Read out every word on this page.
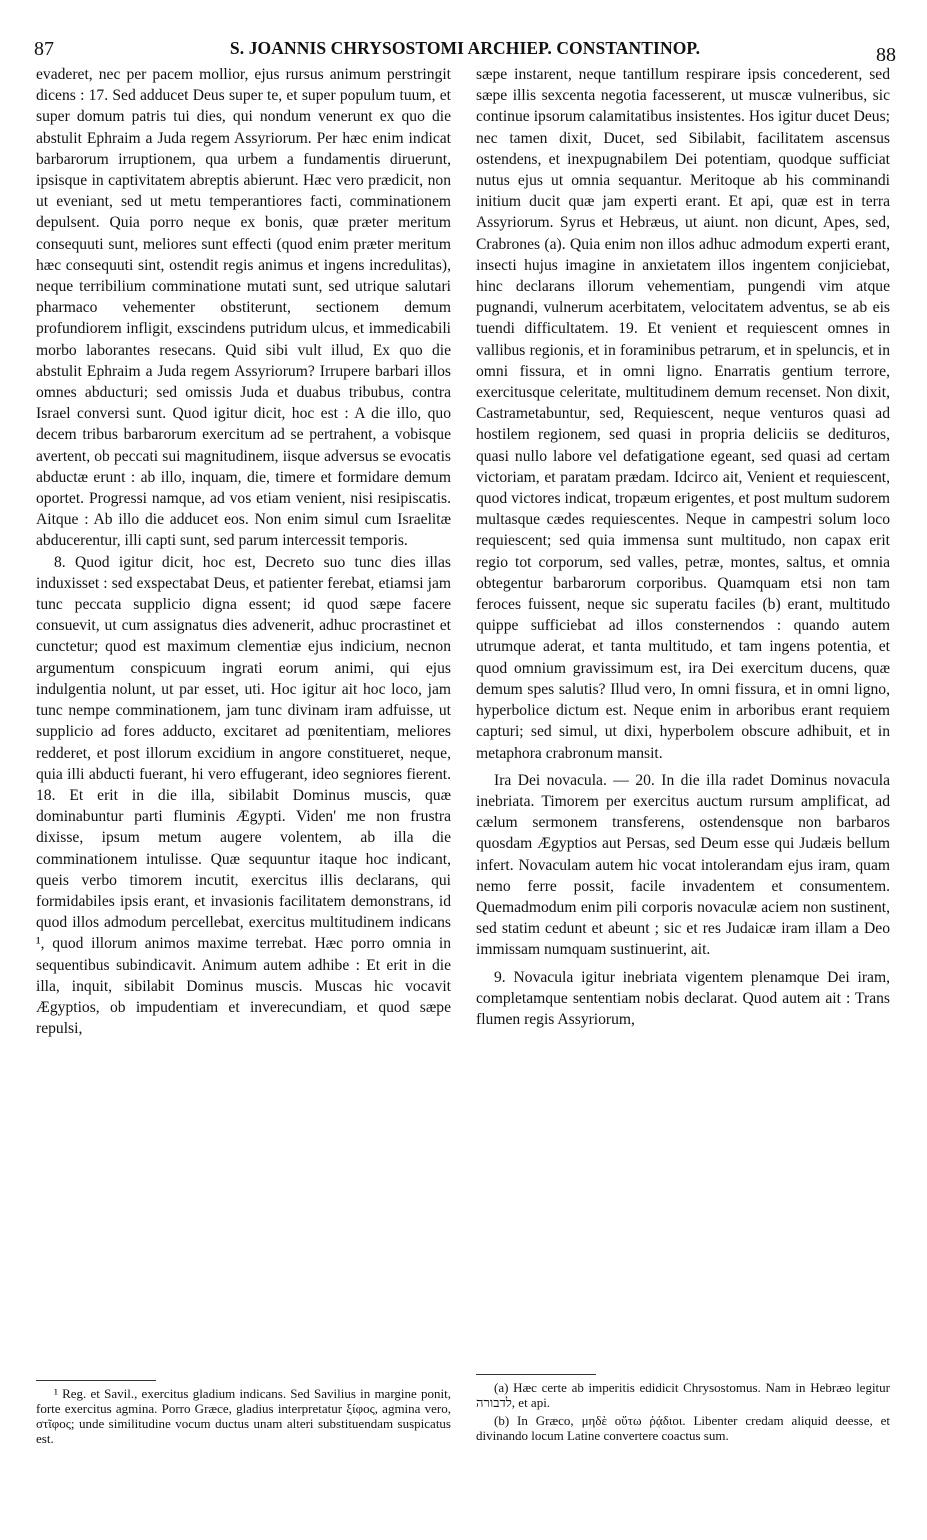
87	S. JOANNIS CHRYSOSTOMI ARCHIEP. CONSTANTINOP.	88

evaderet, nec per pacem mollior, ejus rursus animum perstringit dicens : 17. Sed adducet Deus super te, et super populum tuum, et super domum patris tui dies, qui nondum venerunt ex quo die abstulit Ephraim a Juda regem Assyriorum. Per hæc enim indicat barbarorum irruptionem, qua urbem a fundamentis diruerunt, ipsisque in captivitatem abreptis abierunt. Hæc vero prædicit, non ut eveniant, sed ut metu temperantiores facti, comminationem depulsent. Quia porro neque ex bonis, quæ præter meritum consequuti sunt, meliores sunt effecti (quod enim præter meritum hæc consequuti sint, ostendit regis animus et ingens incredulitas), neque terribilium comminatione mutati sunt, sed utrique salutari pharmaco vehementer obstiterunt, sectionem demum profundiorem infligit, exscindens putridum ulcus, et immedicabili morbo laborantes resecans. Quid sibi vult illud, Ex quo die abstulit Ephraim a Juda regem Assyriorum? Irrupere barbari illos omnes abducturi; sed omissis Juda et duabus tribubus, contra Israel conversi sunt. Quod igitur dicit, hoc est : A die illo, quo decem tribus barbarorum exercitum ad se pertrahent, a vobisque avertent, ob peccati sui magnitudinem, iisque adversus se evocatis abductæ erunt : ab illo, inquam, die, timere et formidare demum oportet. Progressi namque, ad vos etiam venient, nisi resipiscatis. Aitque : Ab illo die adducet eos. Non enim simul cum Israelitæ abducerentur, illi capti sunt, sed parum intercessit temporis.

8. Quod igitur dicit, hoc est, Decreto suo tunc dies illas induxisset : sed exspectabat Deus, et patienter ferebat, etiamsi jam tunc peccata supplicio digna essent; id quod sæpe facere consuevit, ut cum assignatus dies advenerit, adhuc procrastinet et cunctetur; quod est maximum clementiæ ejus indicium, necnon argumentum conspicuum ingrati eorum animi, qui ejus indulgentia nolunt, ut par esset, uti. Hoc igitur ait hoc loco, jam tunc nempe comminationem, jam tunc divinam iram adfuisse, ut supplicio ad fores adducto, excitaret ad pœnitentiam, meliores redderet, et post illorum excidium in angore constitueret, neque, quia illi abducti fuerant, hi vero effugerant, ideo segniores fierent. 18. Et erit in die illa, sibilabit Dominus muscis, quæ dominabuntur parti fluminis Ægypti. Viden' me non frustra dixisse, ipsum metum augere volentem, ab illa die comminationem intulisse. Quæ sequuntur itaque hoc indicant, queis verbo timorem incutit, exercitus illis declarans, qui formidabiles ipsis erant, et invasionis facilitatem demonstrans, id quod illos admodum percellebat, exercitus multitudinem indicans ¹, quod illorum animos maxime terrebat. Hæc porro omnia in sequentibus subindicavit. Animum autem adhibe : Et erit in die illa, inquit, sibilabit Dominus muscis. Muscas hic vocavit Ægyptios, ob impudentiam et inverecundiam, et quod sæpe repulsi,

sæpe instarent, neque tantillum respirare ipsis concederent, sed sæpe illis sexcenta negotia facesserent, ut muscæ vulneribus, sic continue ipsorum calamitatibus insistentes. Hos igitur ducet Deus; nec tamen dixit, Ducet, sed Sibilabit, facilitatem ascensus ostendens, et inexpugnabilem Dei potentiam, quodque sufficiat nutus ejus ut omnia sequantur. Meritoque ab his comminandi initium ducit quæ jam experti erant. Et api, quæ est in terra Assyriorum. Syrus et Hebræus, ut aiunt. non dicunt, Apes, sed, Crabrones (a). Quia enim non illos adhuc admodum experti erant, insecti hujus imagine in anxietatem illos ingentem conjiciebat, hinc declarans illorum vehementiam, pungendi vim atque pugnandi, vulnerum acerbitatem, velocitatem adventus, se ab eis tuendi difficultatem. 19. Et venient et requiescent omnes in vallibus regionis, et in foraminibus petrarum, et in speluncis, et in omni fissura, et in omni ligno. Enarratis gentium terrore, exercitusque celeritate, multitudinem demum recenset. Non dixit, Castrametabuntur, sed, Requiescent, neque venturos quasi ad hostilem regionem, sed quasi in propria deliciis se dedituros, quasi nullo labore vel defatigatione egeant, sed quasi ad certam victoriam, et paratam prædam. Idcirco ait, Venient et requiescent, quod victores indicat, tropæum erigentes, et post multum sudorem multasque cædes requiescentes. Neque in campestri solum loco requiescent; sed quia immensa sunt multitudo, non capax erit regio tot corporum, sed valles, petræ, montes, saltus, et omnia obtegentur barbarorum corporibus. Quamquam etsi non tam feroces fuissent, neque sic superatu faciles (b) erant, multitudo quippe sufficiebat ad illos consternendos : quando autem utrumque aderat, et tanta multitudo, et tam ingens potentia, et quod omnium gravissimum est, ira Dei exercitum ducens, quæ demum spes salutis? Illud vero, In omni fissura, et in omni ligno, hyperbolice dictum est. Neque enim in arboribus erant requiem capturi; sed simul, ut dixi, hyperbolem obscure adhibuit, et in metaphora crabronum mansit.

Ira Dei novacula. — 20. In die illa radet Dominus novacula inebriata. Timorem per exercitus auctum rursum amplificat, ad cælum sermonem transferens, ostendensque non barbaros quosdam Ægyptios aut Persas, sed Deum esse qui Judæis bellum infert. Novaculam autem hic vocat intolerandam ejus iram, quam nemo ferre possit, facile invadentem et consumentem. Quemadmodum enim pili corporis novaculæ aciem non sustinent, sed statim cedunt et abeunt ; sic et res Judaicæ iram illam a Deo immissam numquam sustinuerint, ait.

9. Novacula igitur inebriata vigentem plenamque Dei iram, completamque sententiam nobis declarat. Quod autem ait : Trans flumen regis Assyriorum,

¹ Reg. et Savil., exercitus gladium indicans. Sed Savilius in margine ponit, forte exercitus agmina. Porro Græce, gladius interpretatur ξίφος, agmina vero, στῖφος; unde similitudine vocum ductus unam alteri substituendam suspicatus est.

(a) Hæc certe ab imperitis edidicit Chrysostomus. Nam in Hebræo legitur לדבורה, et api.

(b) In Græco, μηδὲ οὕτω ῥᾴδιοι. Libenter credam aliquid deesse, et divinando locum Latine convertere coactus sum.
